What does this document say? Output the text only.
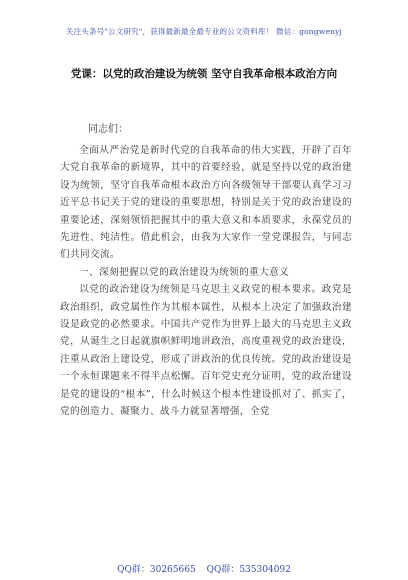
关注头条号"公文研究"，获得最新最全最专业的公文资料库！ 微信：gongwenyj
党课：以党的政治建设为统领 坚守自我革命根本政治方向
同志们：

全面从严治党是新时代党的自我革命的伟大实践，开辟了百年大党自我革命的新境界，其中的首要经验，就是坚持以党的政治建设为统领，坚守自我革命根本政治方向各级领导干部要认真学习习近平总书记关于党的建设的重要思想，特别是关于党的政治建设的重要论述，深刻领悟把握其中的重大意义和本质要求，永葆党员的先进性、纯洁性。借此机会，由我为大家作一堂党课报告，与同志们共同交流。

一、深刻把握以党的政治建设为统领的重大意义

以党的政治建设为统领是马克思主义政党的根本要求。政党是政治组织，政党属性作为其根本属性，从根本上决定了加强政治建设是政党的必然要求。中国共产党作为世界上最大的马克思主义政党，从诞生之日起就旗帜鲜明地讲政治，高度重视党的政治建设，注重从政治上建设党，形成了讲政治的优良传统。党的政治建设是一个永恒课题来不得半点松懈。百年党史充分证明，党的政治建设是党的建设的“根本”，什么时候这个根本性建设抓对了、抓实了，党的创造力、凝聚力、战斗力就显著增强，全党

QQ群：30265665 QQ群：535304092
